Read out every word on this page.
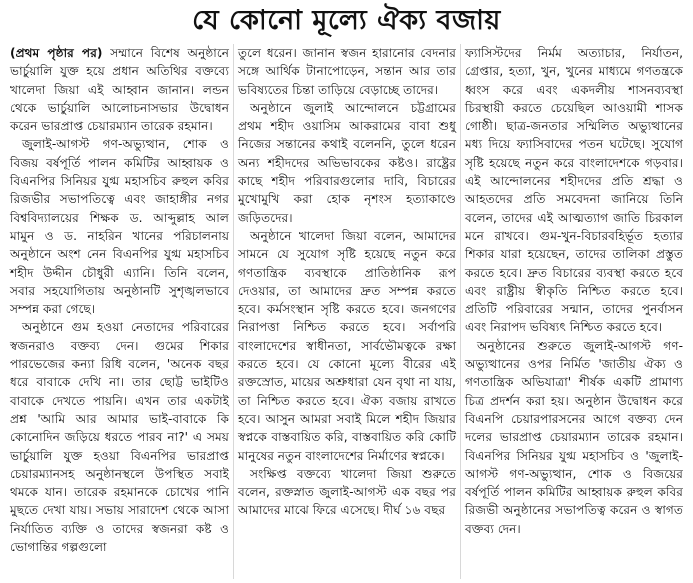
যে কোনো মূল্যে ঐক্য বজায়

(প্রথম পৃষ্ঠার পর) সম্মানে বিশেষ অনুষ্ঠানে ভার্চুয়ালি যুক্ত হয়ে প্রধান অতিথির বক্তব্যে খালেদা জিয়া এই আহ্বান জানান। লন্ডন থেকে ভার্চুয়ালি আলোচনাসভার উদ্বোধন করেন ভারপ্রাপ্ত চেয়ারম্যান তারেক রহমান।

জুলাই-আগস্ট গণ-অভ্যুত্থান, শোক ও বিজয় বর্ষপূর্তি পালন কমিটির আহ্বায়ক ও বিএনপির সিনিয়র যুগ্ম মহাসচিব রুহুল কবির রিজভীর সভাপতিত্বে এবং জাহাঙ্গীর নগর বিশ্ববিদ্যালয়ের শিক্ষক ড. আব্দুল্লাহ আল মামুন ও ড. নাহরিন খানের পরিচালনায় অনুষ্ঠানে অংশ নেন বিএনপির যুগ্ম মহাসচিব শহীদ উদ্দীন চৌধুরী এ্যানি। তিনি বলেন, সবার সহযোগিতায় অনুষ্ঠানটি সুশৃঙ্খলভাবে সম্পন্ন করা গেছে।

অনুষ্ঠানে গুম হওয়া নেতাদের পরিবারের স্বজনরাও বক্তব্য দেন। গুমের শিকার পারভেজের কন্যা রিধি বলেন, 'অনেক বছর ধরে বাবাকে দেখি না। তার ছোট্ট ভাইটিও বাবাকে দেখতে পায়নি। এখন তার একটাই প্রশ্ন 'আমি আর আমার ভাই-বাবাকে কি কোনোদিন জড়িয়ে ধরতে পারব না?' এ সময় ভার্চুয়ালি যুক্ত হওয়া বিএনপির ভারপ্রাপ্ত চেয়ারম্যানসহ অনুষ্ঠানস্থলে উপস্থিত সবাই থমকে যান। তারেক রহমানকে চোখের পানি মুছতে দেখা যায়। সভায় সারাদেশ থেকে আসা নির্যাতিত ব্যক্তি ও তাদের স্বজনরা কষ্ট ও ভোগান্তির গল্পগুলো

তুলে ধরেন। জানান স্বজন হারানোর বেদনার সঙ্গে আর্থিক টানাপোড়েন, সন্তান আর তার ভবিষ্যতের চিন্তা তাড়িয়ে বেড়াচ্ছে তাদের।

অনুষ্ঠানে জুলাই আন্দোলনে চট্টগ্রামের প্রথম শহীদ ওয়াসিম আকরামের বাবা শুধু নিজের সন্তানের কথাই বলেননি, তুলে ধরেন অন্য শহীদদের অভিভাবকের কষ্টও। রাষ্ট্রের কাছে শহীদ পরিবারগুলোর দাবি, বিচারের মুখোমুখি করা হোক নৃশংস হত্যাকাণ্ডে জড়িতদের।

অনুষ্ঠানে খালেদা জিয়া বলেন, আমাদের সামনে যে সুযোগ সৃষ্টি হয়েছে নতুন করে গণতান্ত্রিক ব্যবস্থাকে প্রাতিষ্ঠানিক রূপ দেওয়ার, তা আমাদের দ্রুত সম্পন্ন করতে হবে। কর্মসংস্থান সৃষ্টি করতে হবে। জনগণের নিরাপত্তা নিশ্চিত করতে হবে। সর্বাপরি বাংলাদেশের স্বাধীনতা, সার্বভৌমত্বকে রক্ষা করতে হবে। যে কোনো মূল্যে বীরের এই রক্তস্রোত, মায়ের অশ্রুধারা যেন বৃথা না যায়, তা নিশ্চিত করতে হবে। ঐক্য বজায় রাখতে হবে। আসুন আমরা সবাই মিলে শহীদ জিয়ার স্বপ্নকে বাস্তবায়িত করি, বাস্তবায়িত করি কোটি মানুষের নতুন বাংলাদেশের নির্মাণের স্বপ্নকে।

সংক্ষিপ্ত বক্তব্যে খালেদা জিয়া শুরুতে বলেন, রক্তস্নাত জুলাই-আগস্ট এক বছর পর আমাদের মাঝে ফিরে এসেছে। দীর্ঘ ১৬ বছর

ফ্যাসিস্টদের নির্মম অত্যাচার, নির্যাতন, গ্রেপ্তার, হত্যা, খুন, খুনের মাধ্যমে গণতন্ত্রকে ধ্বংস করে এবং একদলীয় শাসনব্যবস্থা চিরস্থায়ী করতে চেয়েছিল আওয়ামী শাসক গোষ্ঠী। ছাত্র-জনতার সম্মিলিত অভ্যুত্থানের মধ্য দিয়ে ফ্যাসিবাদের পতন ঘটেছে। সুযোগ সৃষ্টি হয়েছে নতুন করে বাংলাদেশকে গড়বার। এই আন্দোলনের শহীদদের প্রতি শ্রদ্ধা ও আহতদের প্রতি সমবেদনা জানিয়ে তিনি বলেন, তাদের এই আত্মত্যাগ জাতি চিরকাল মনে রাখবে। গুম-খুন-বিচারবহির্ভূত হত্যার শিকার যারা হয়েছেন, তাদের তালিকা প্রস্তুত করতে হবে। দ্রুত বিচারের ব্যবস্থা করতে হবে এবং রাষ্ট্রীয় স্বীকৃতি নিশ্চিত করতে হবে। প্রতিটি পরিবারের সন্মান, তাদের পুনর্বাসন এবং নিরাপদ ভবিষ্যৎ নিশ্চিত করতে হবে।

অনুষ্ঠানের শুরুতে জুলাই-আগস্ট গণ-অভ্যুত্থানের ওপর নির্মিত 'জাতীয় ঐক্য ও গণতান্ত্রিক অভিযাত্রা' শীর্ষক একটি প্রামাণ্য চিত্র প্রদর্শন করা হয়। অনুষ্ঠান উদ্বোধন করে বিএনপি চেয়ারপারসনের আগে বক্তব্য দেন দলের ভারপ্রাপ্ত চেয়ারম্যান তারেক রহমান। বিএনপির সিনিয়র যুগ্ম মহাসচিব ও 'জুলাই-আগস্ট গণ-অভ্যুত্থান, শোক ও বিজয়ের বর্ষপূর্তি পালন কমিটির আহ্বায়ক রুহুল কবির রিজভী অনুষ্ঠানের সভাপতিত্ব করেন ও স্বাগত বক্তব্য দেন।
